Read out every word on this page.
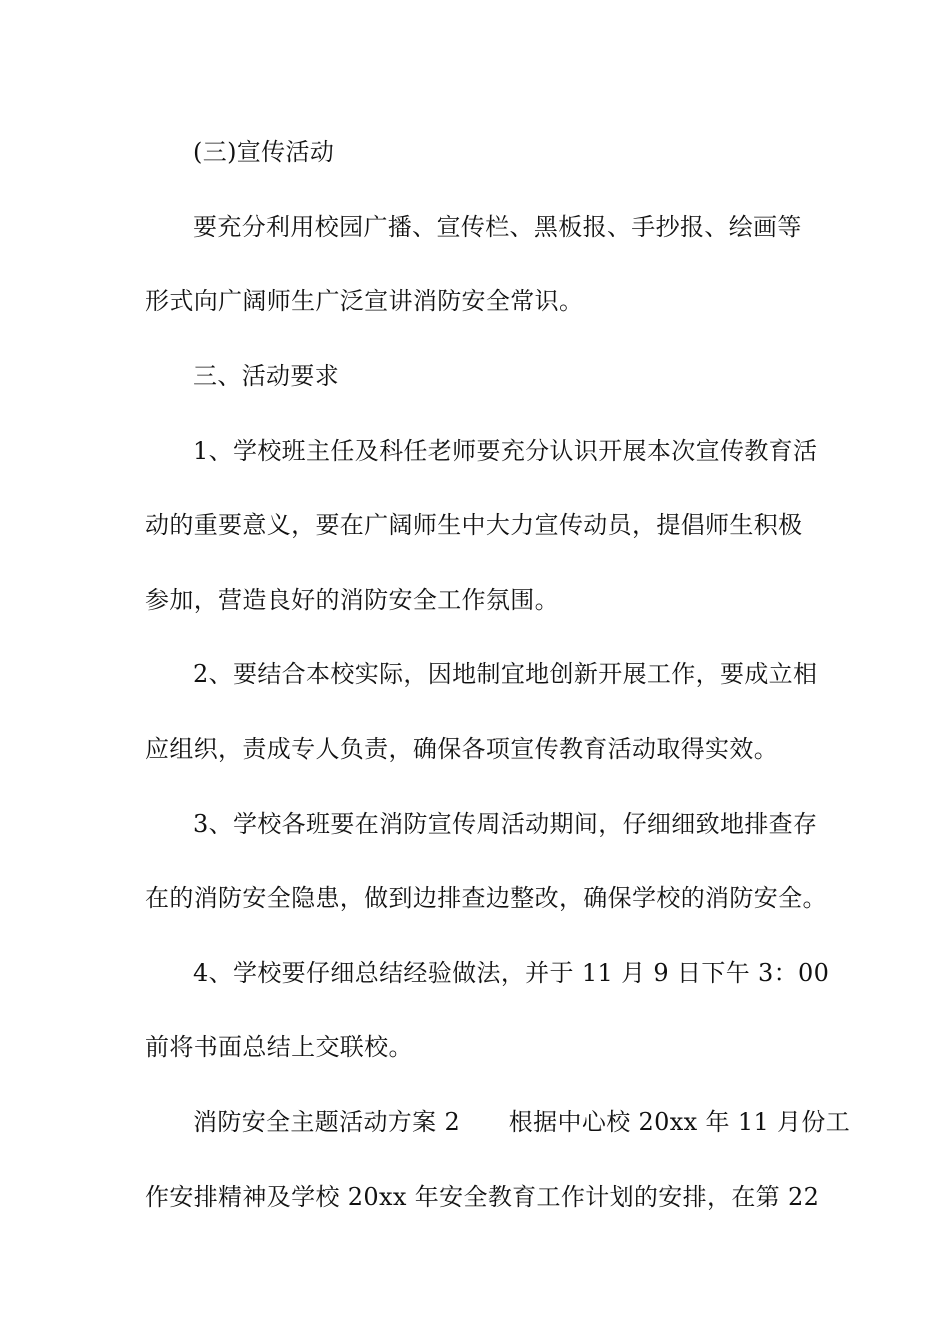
(三)宣传活动
要充分利用校园广播、宣传栏、黑板报、手抄报、绘画等
形式向广阔师生广泛宣讲消防安全常识。
三、活动要求
1、学校班主任及科任老师要充分认识开展本次宣传教育活
动的重要意义，要在广阔师生中大力宣传动员，提倡师生积极
参加，营造良好的消防安全工作氛围。
2、要结合本校实际，因地制宜地创新开展工作，要成立相
应组织，责成专人负责，确保各项宣传教育活动取得实效。
3、学校各班要在消防宣传周活动期间，仔细细致地排查存
在的消防安全隐患，做到边排查边整改，确保学校的消防安全。
4、学校要仔细总结经验做法，并于 11 月 9 日下午 3：00
前将书面总结上交联校。
消防安全主题活动方案 2　　根据中心校 20xx 年 11 月份工
作安排精神及学校 20xx 年安全教育工作计划的安排，在第 22
